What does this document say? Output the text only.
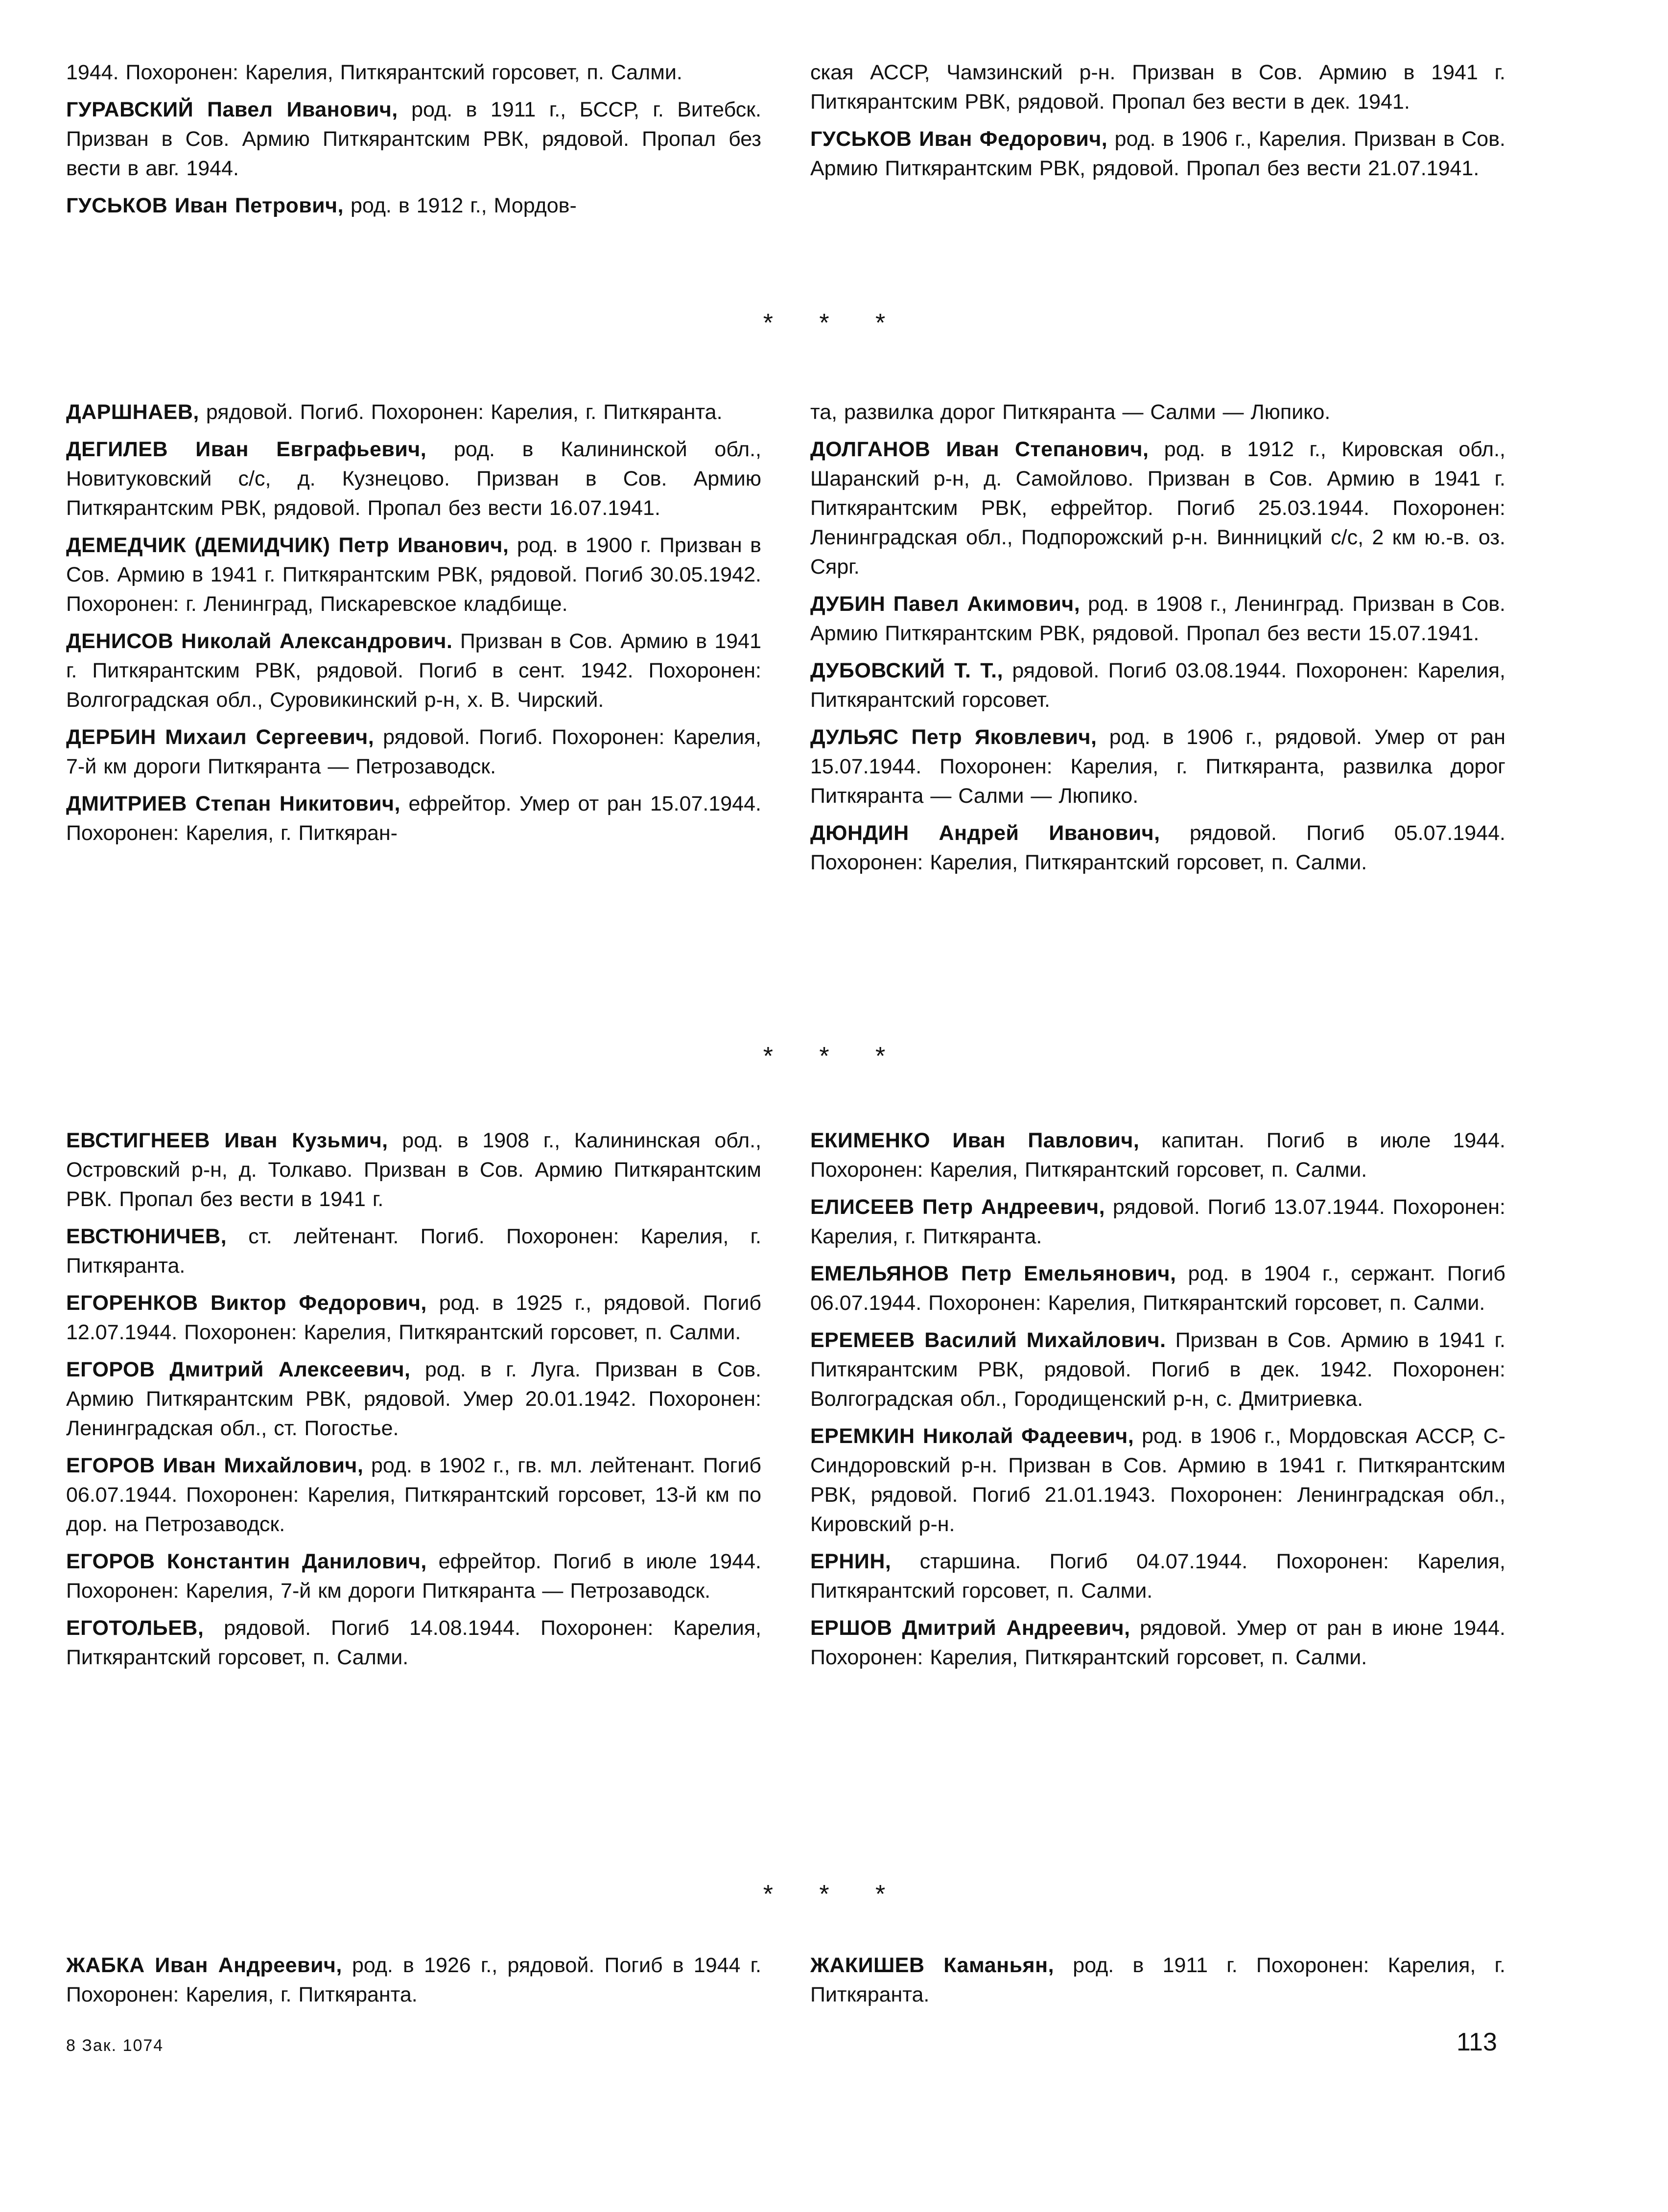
1944. Похоронен: Карелия, Питкярантский горсовет, п. Салми.

ГУРАВСКИЙ Павел Иванович, род. в 1911 г., БССР, г. Витебск. Призван в Сов. Армию Питкярантским РВК, рядовой. Пропал без вести в авг. 1944.

ГУСЬКОВ Иван Петрович, род. в 1912 г., Мордов-

ская АССР, Чамзинский р-н. Призван в Сов. Армию в 1941 г. Питкярантским РВК, рядовой. Пропал без вести в дек. 1941.

ГУСЬКОВ Иван Федорович, род. в 1906 г., Карелия. Призван в Сов. Армию Питкярантским РВК, рядовой. Пропал без вести 21.07.1941.

* * *

ДАРШНАЕВ, рядовой. Погиб. Похоронен: Карелия, г. Питкяранта.

ДЕГИЛЕВ Иван Евграфьевич, род. в Калининской обл., Новитуковский с/с, д. Кузнецово. Призван в Сов. Армию Питкярантским РВК, рядовой. Пропал без вести 16.07.1941.

ДЕМЕДЧИК (ДЕМИДЧИК) Петр Иванович, род. в 1900 г. Призван в Сов. Армию в 1941 г. Питкярантским РВК, рядовой. Погиб 30.05.1942. Похоронен: г. Ленинград, Пискаревское кладбище.

ДЕНИСОВ Николай Александрович. Призван в Сов. Армию в 1941 г. Питкярантским РВК, рядовой. Погиб в сент. 1942. Похоронен: Волгоградская обл., Суровикинский р-н, х. В. Чирский.

ДЕРБИН Михаил Сергеевич, рядовой. Погиб. Похоронен: Карелия, 7-й км дороги Питкяранта — Петрозаводск.

ДМИТРИЕВ Степан Никитович, ефрейтор. Умер от ран 15.07.1944. Похоронен: Карелия, г. Питкяран-

та, развилка дорог Питкяранта — Салми — Люпико.

ДОЛГАНОВ Иван Степанович, род. в 1912 г., Кировская обл., Шаранский р-н, д. Самойлово. Призван в Сов. Армию в 1941 г. Питкярантским РВК, ефрейтор. Погиб 25.03.1944. Похоронен: Ленинградская обл., Подпорожский р-н. Винницкий с/с, 2 км ю.-в. оз. Сярг.

ДУБИН Павел Акимович, род. в 1908 г., Ленинград. Призван в Сов. Армию Питкярантским РВК, рядовой. Пропал без вести 15.07.1941.

ДУБОВСКИЙ Т. Т., рядовой. Погиб 03.08.1944. Похоронен: Карелия, Питкярантский горсовет.

ДУЛЬЯС Петр Яковлевич, род. в 1906 г., рядовой. Умер от ран 15.07.1944. Похоронен: Карелия, г. Питкяранта, развилка дорог Питкяранта — Салми — Люпико.

ДЮНДИН Андрей Иванович, рядовой. Погиб 05.07.1944. Похоронен: Карелия, Питкярантский горсовет, п. Салми.

* * *

ЕВСТИГНЕЕВ Иван Кузьмич, род. в 1908 г., Калининская обл., Островский р-н, д. Толкаво. Призван в Сов. Армию Питкярантским РВК. Пропал без вести в 1941 г.

ЕВСТЮНИЧЕВ, ст. лейтенант. Погиб. Похоронен: Карелия, г. Питкяранта.

ЕГОРЕНКОВ Виктор Федорович, род. в 1925 г., рядовой. Погиб 12.07.1944. Похоронен: Карелия, Питкярантский горсовет, п. Салми.

ЕГОРОВ Дмитрий Алексеевич, род. в г. Луга. Призван в Сов. Армию Питкярантским РВК, рядовой. Умер 20.01.1942. Похоронен: Ленинградская обл., ст. Погостье.

ЕГОРОВ Иван Михайлович, род. в 1902 г., гв. мл. лейтенант. Погиб 06.07.1944. Похоронен: Карелия, Питкярантский горсовет, 13-й км по дор. на Петрозаводск.

ЕГОРОВ Константин Данилович, ефрейтор. Погиб в июле 1944. Похоронен: Карелия, 7-й км дороги Питкяранта — Петрозаводск.

ЕГОТОЛЬЕВ, рядовой. Погиб 14.08.1944. Похоронен: Карелия, Питкярантский горсовет, п. Салми.

ЕКИМЕНКО Иван Павлович, капитан. Погиб в июле 1944. Похоронен: Карелия, Питкярантский горсовет, п. Салми.

ЕЛИСЕЕВ Петр Андреевич, рядовой. Погиб 13.07.1944. Похоронен: Карелия, г. Питкяранта.

ЕМЕЛЬЯНОВ Петр Емельянович, род. в 1904 г., сержант. Погиб 06.07.1944. Похоронен: Карелия, Питкярантский горсовет, п. Салми.

ЕРЕМЕЕВ Василий Михайлович. Призван в Сов. Армию в 1941 г. Питкярантским РВК, рядовой. Погиб в дек. 1942. Похоронен: Волгоградская обл., Городищенский р-н, с. Дмитриевка.

ЕРЕМКИН Николай Фадеевич, род. в 1906 г., Мордовская АССР, С-Синдоровский р-н. Призван в Сов. Армию в 1941 г. Питкярантским РВК, рядовой. Погиб 21.01.1943. Похоронен: Ленинградская обл., Кировский р-н.

ЕРНИН, старшина. Погиб 04.07.1944. Похоронен: Карелия, Питкярантский горсовет, п. Салми.

ЕРШОВ Дмитрий Андреевич, рядовой. Умер от ран в июне 1944. Похоронен: Карелия, Питкярантский горсовет, п. Салми.

* * *

ЖАБКА Иван Андреевич, род. в 1926 г., рядовой. Погиб в 1944 г. Похоронен: Карелия, г. Питкяранта.

ЖАКИШЕВ Каманьян, род. в 1911 г. Похоронен: Карелия, г. Питкяранта.

8 Зак. 1074	113
